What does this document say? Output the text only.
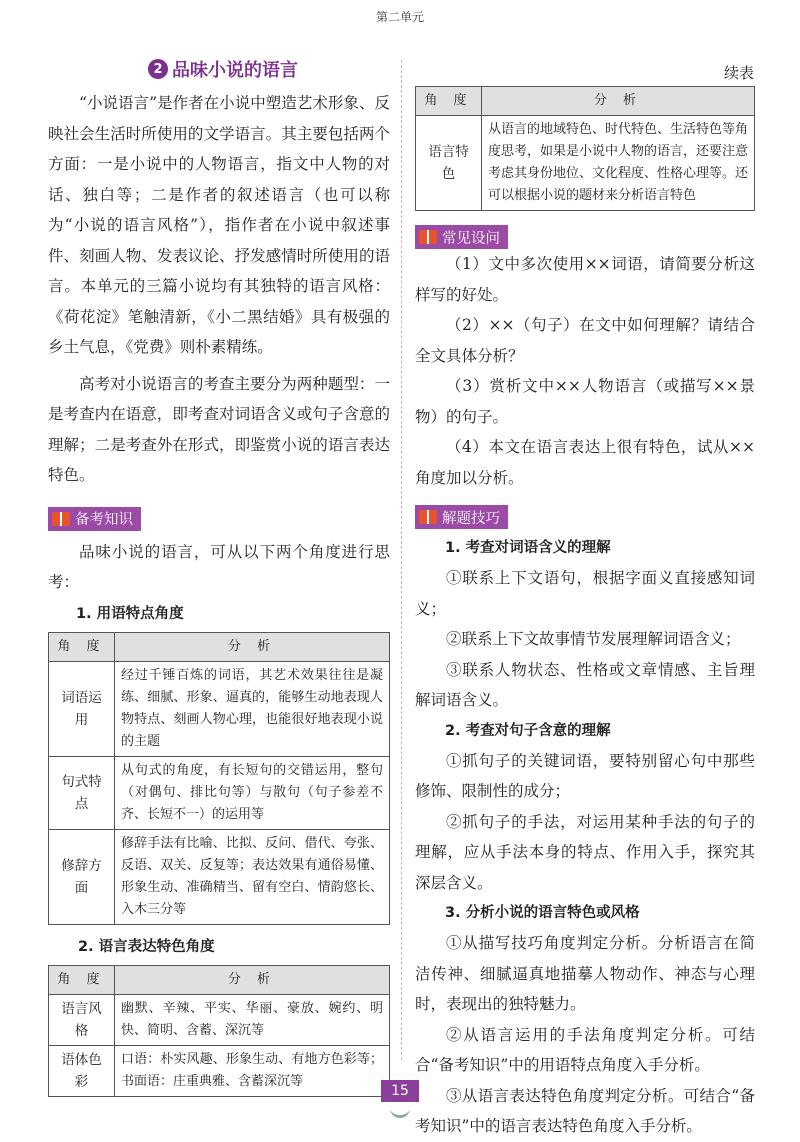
第二单元
2 品味小说的语言

“小说语言”是作者在小说中塑造艺术形象、反映社会生活时所使用的文学语言。其主要包括两个方面：一是小说中的人物语言，指文中人物的对话、独白等；二是作者的叙述语言（也可以称为“小说的语言风格”），指作者在小说中叙述事件、刻画人物、发表议论、抒发感情时所使用的语言。本单元的三篇小说均有其独特的语言风格：《荷花淀》笔触清新，《小二黑结婚》具有极强的乡土气息，《党费》则朴素精练。

高考对小说语言的考查主要分为两种题型：一是考查内在语意，即考查对词语含义或句子含意的理解；二是考查外在形式，即鉴赏小说的语言表达特色。

备考知识

品味小说的语言，可从以下两个角度进行思考：

1. 用语特点角度
角 度	分 析
词语运用	经过千锤百炼的词语，其艺术效果往往是凝练、细腻、形象、逼真的，能够生动地表现人物特点、刻画人物心理，也能很好地表现小说的主题
句式特点	从句式的角度，有长短句的交错运用，整句（对偶句、排比句等）与散句（句子参差不齐、长短不一）的运用等
修辞方面	修辞手法有比喻、比拟、反问、借代、夸张、反语、双关、反复等；表达效果有通俗易懂、形象生动、准确精当、留有空白、情韵悠长、入木三分等
2. 语言表达特色角度
角 度	分 析
语言风格	幽默、辛辣、平实、华丽、豪放、婉约、明快、简明、含蓄、深沉等
语体色彩	口语：朴实风趣、形象生动、有地方色彩等；书面语：庄重典雅、含蓄深沉等
续表
角 度	分 析
语言特色	从语言的地域特色、时代特色、生活特色等角度思考，如果是小说中人物的语言，还要注意考虑其身份地位、文化程度、性格心理等。还可以根据小说的题材来分析语言特色
常见设问

（1）文中多次使用××词语，请简要分析这样写的好处。

（2）××（句子）在文中如何理解？请结合全文具体分析？

（3）赏析文中××人物语言（或描写××景物）的句子。

（4）本文在语言表达上很有特色，试从××角度加以分析。

解题技巧
1. 考查对词语含义的理解

①联系上下文语句，根据字面义直接感知词义；

②联系上下文故事情节发展理解词语含义；

③联系人物状态、性格或文章情感、主旨理解词语含义。

2. 考查对句子含意的理解

①抓句子的关键词语，要特别留心句中那些修饰、限制性的成分；

②抓句子的手法，对运用某种手法的句子的理解，应从手法本身的特点、作用入手，探究其深层含义。

3. 分析小说的语言特色或风格

①从描写技巧角度判定分析。分析语言在简洁传神、细腻逼真地描摹人物动作、神态与心理时，表现出的独特魅力。

②从语言运用的手法角度判定分析。可结合“备考知识”中的用语特点角度入手分析。

③从语言表达特色角度判定分析。可结合“备考知识”中的语言表达特色角度入手分析。

15
